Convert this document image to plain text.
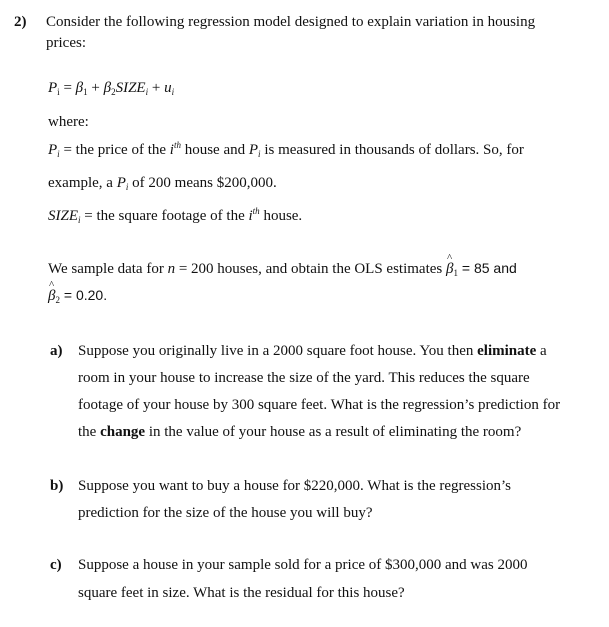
2) Consider the following regression model designed to explain variation in housing
prices:
$P_i = \beta_1$ + $\beta_2SIZE_i + u_i$
where:
$P_i$ = the price of the $i^{th}$ house and $P_i$ is measured in thousands of dollars. So, for
example, a $P_i$ of 200 means $200,000.
$SIZE_i$ = the square footage of the $i^{th}$ house.
We sample data for n = 200 houses, and obtain the OLS estimates β $\^{}_1 = 85$ and
β $\^{}_2 = 0.20$.
a) Suppose you originally live in a 2000 square foot house. You then eliminate a
room in your house to increase the size of the yard. This reduces the square
footage of your house by 300 square feet. What is the regression’s prediction for
the change in the value of your house as a result of eliminating the room?
b) Suppose you want to buy a house for $220,000. What is the regression’s
prediction for the size of the house you will buy?
c) Suppose a house in your sample sold for a price of $300,000 and was 2000
square feet in size. What is the residual for this house?
